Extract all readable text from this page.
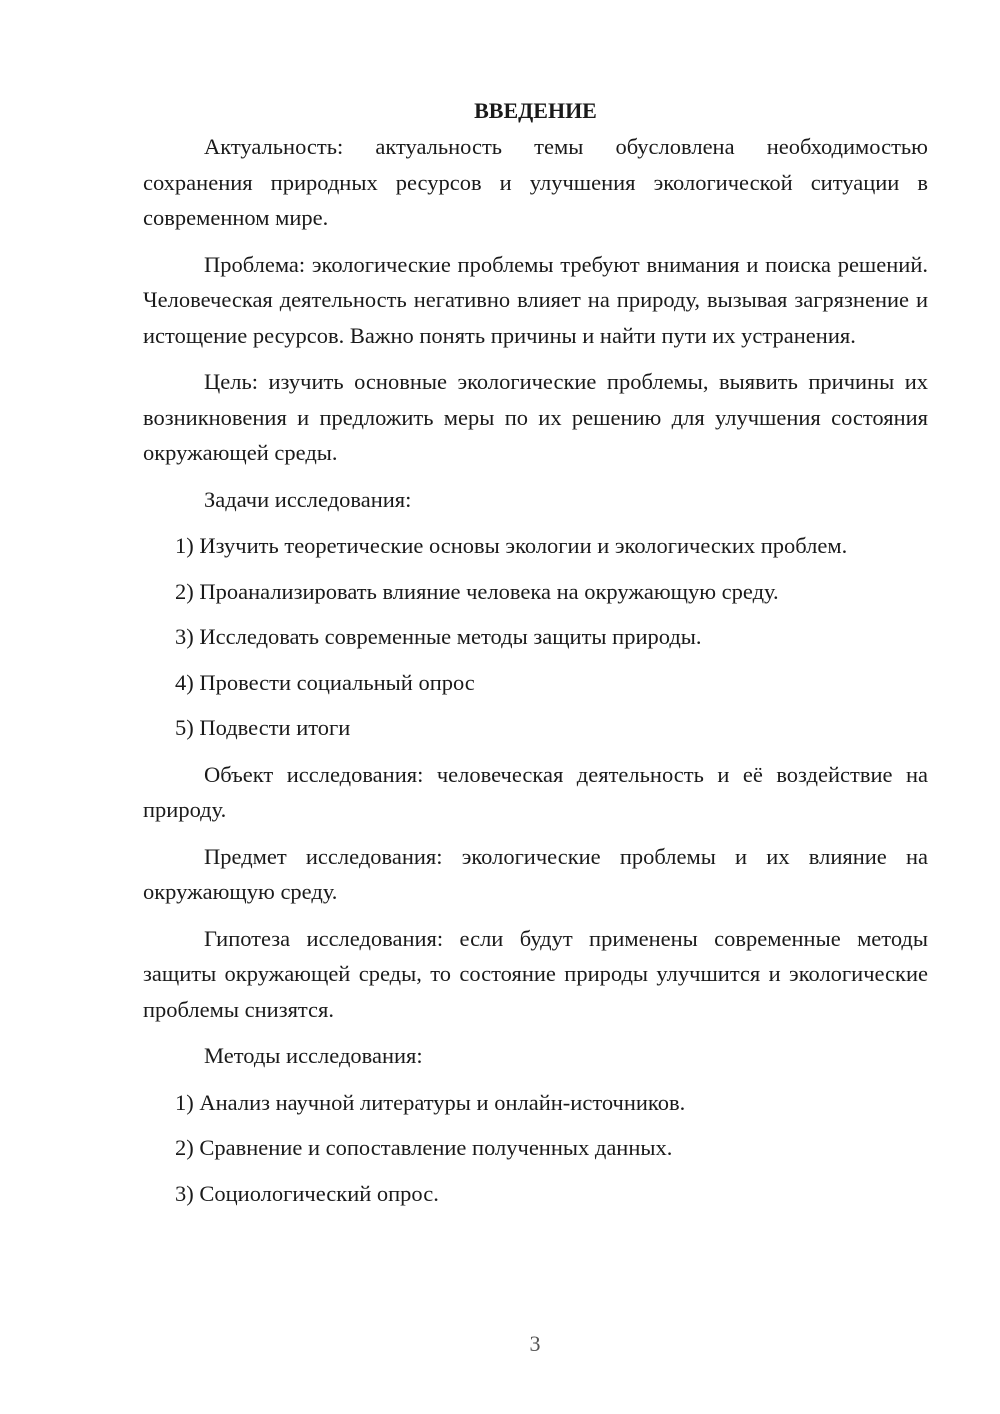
ВВЕДЕНИЕ

Актуальность: актуальность темы обусловлена необходимостью сохранения природных ресурсов и улучшения экологической ситуации в современном мире.

Проблема: экологические проблемы требуют внимания и поиска решений. Человеческая деятельность негативно влияет на природу, вызывая загрязнение и истощение ресурсов. Важно понять причины и найти пути их устранения.

Цель: изучить основные экологические проблемы, выявить причины их возникновения и предложить меры по их решению для улучшения состояния окружающей среды.

Задачи исследования:

1) Изучить теоретические основы экологии и экологических проблем.
2) Проанализировать влияние человека на окружающую среду.
3) Исследовать современные методы защиты природы.
4) Провести социальный опрос
5) Подвести итоги

Объект исследования: человеческая деятельность и её воздействие на природу.

Предмет исследования: экологические проблемы и их влияние на окружающую среду.

Гипотеза исследования: если будут применены современные методы защиты окружающей среды, то состояние природы улучшится и экологические проблемы снизятся.

Методы исследования:

1) Анализ научной литературы и онлайн-источников.
2) Сравнение и сопоставление полученных данных.
3) Социологический опрос.
3
